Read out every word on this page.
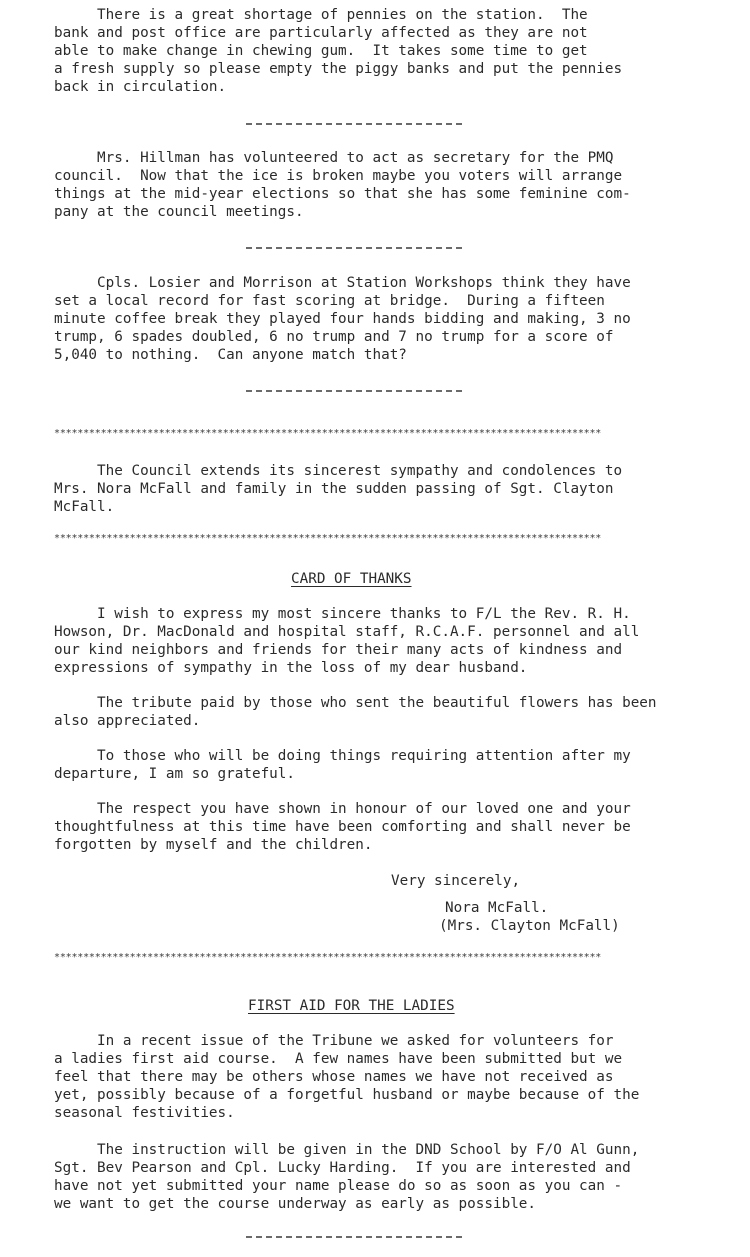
There is a great shortage of pennies on the station.  The
bank and post office are particularly affected as they are not
able to make change in chewing gum.  It takes some time to get
a fresh supply so please empty the piggy banks and put the pennies
back in circulation.

Mrs. Hillman has volunteered to act as secretary for the PMQ
council.  Now that the ice is broken maybe you voters will arrange
things at the mid-year elections so that she has some feminine com-
pany at the council meetings.

Cpls. Losier and Morrison at Station Workshops think they have
set a local record for fast scoring at bridge.  During a fifteen
minute coffee break they played four hands bidding and making, 3 no
trump, 6 spades doubled, 6 no trump and 7 no trump for a score of
5,040 to nothing.  Can anyone match that?

**********************************************************************************************

The Council extends its sincerest sympathy and condolences to
Mrs. Nora McFall and family in the sudden passing of Sgt. Clayton
McFall.

**********************************************************************************************

CARD OF THANKS

I wish to express my most sincere thanks to F/L the Rev. R. H.
Howson, Dr. MacDonald and hospital staff, R.C.A.F. personnel and all
our kind neighbors and friends for their many acts of kindness and
expressions of sympathy in the loss of my dear husband.

The tribute paid by those who sent the beautiful flowers has been
also appreciated.

To those who will be doing things requiring attention after my
departure, I am so grateful.

The respect you have shown in honour of our loved one and your
thoughtfulness at this time have been comforting and shall never be
forgotten by myself and the children.

Very sincerely,
Nora McFall.
(Mrs. Clayton McFall)

**********************************************************************************************

FIRST AID FOR THE LADIES

In a recent issue of the Tribune we asked for volunteers for
a ladies first aid course.  A few names have been submitted but we
feel that there may be others whose names we have not received as
yet, possibly because of a forgetful husband or maybe because of the
seasonal festivities.

The instruction will be given in the DND School by F/O Al Gunn,
Sgt. Bev Pearson and Cpl. Lucky Harding.  If you are interested and
have not yet submitted your name please do so as soon as you can -
we want to get the course underway as early as possible.
